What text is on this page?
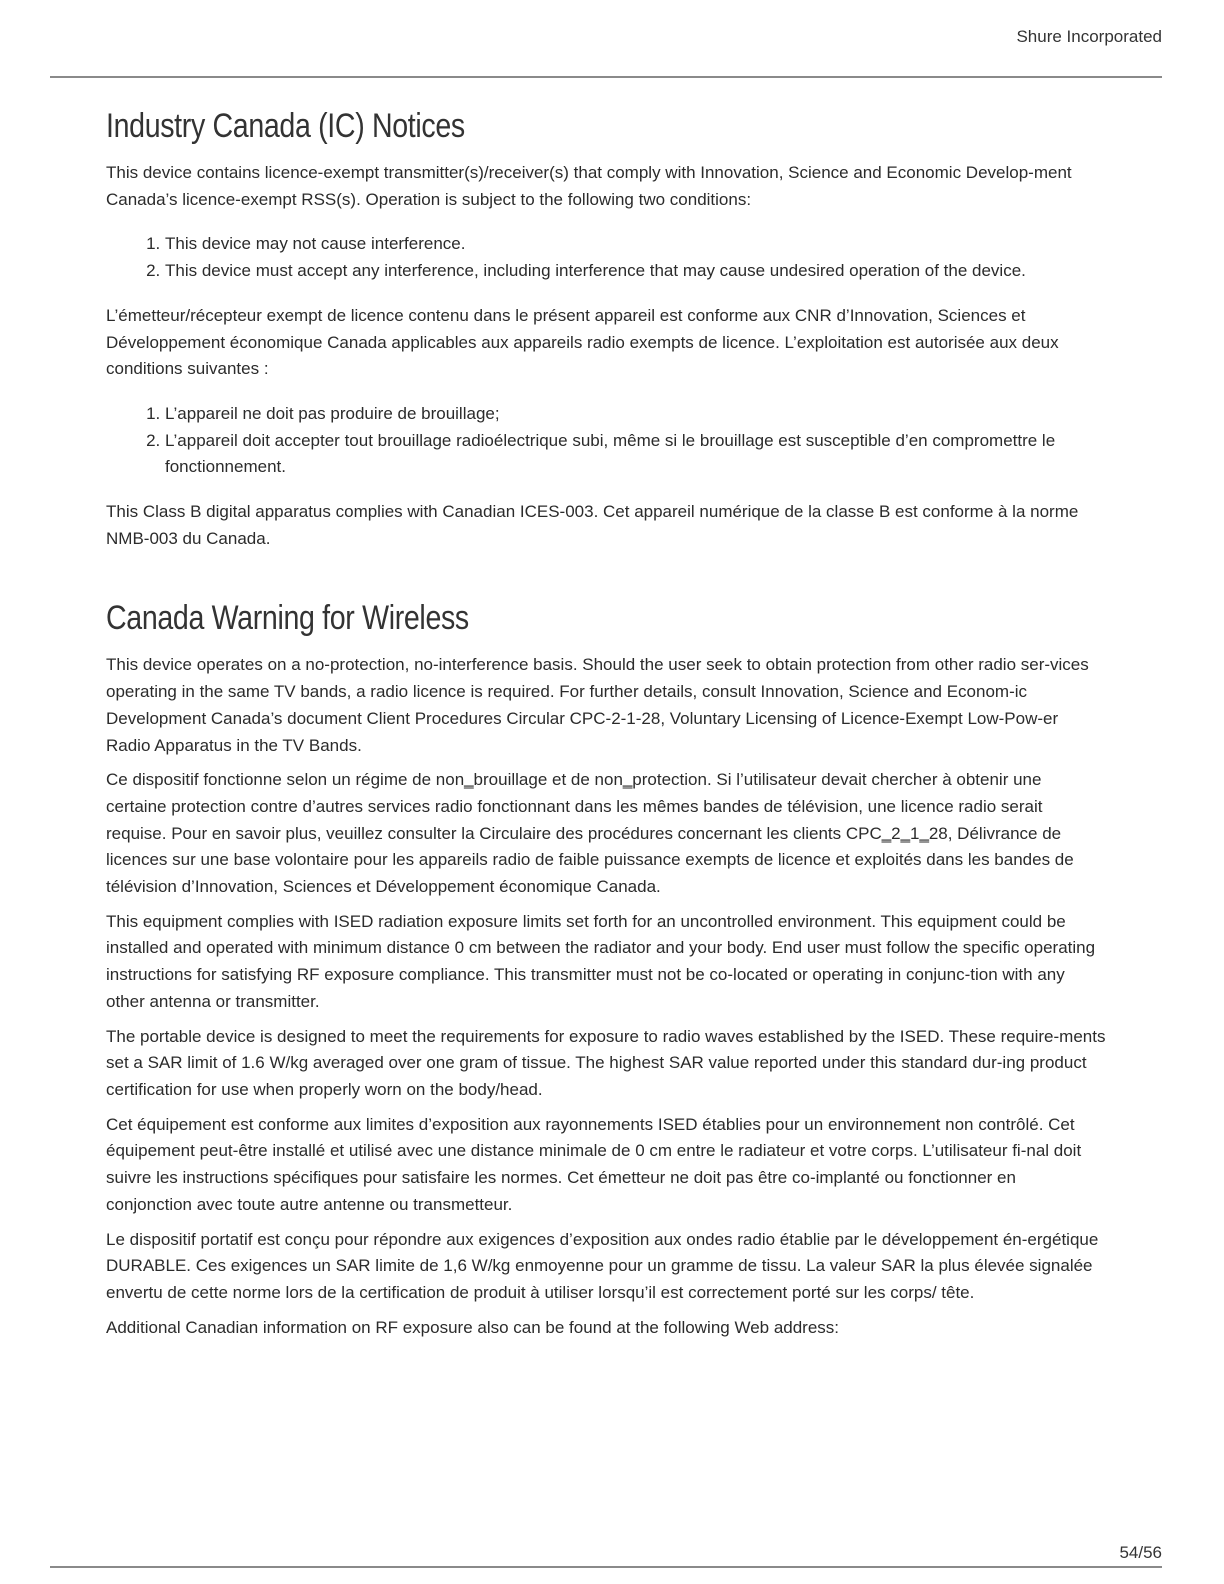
Shure Incorporated

Industry Canada (IC) Notices

This device contains licence-exempt transmitter(s)/receiver(s) that comply with Innovation, Science and Economic Develop-ment Canada’s licence-exempt RSS(s). Operation is subject to the following two conditions:

1. This device may not cause interference.
2. This device must accept any interference, including interference that may cause undesired operation of the device.

L’émetteur/récepteur exempt de licence contenu dans le présent appareil est conforme aux CNR d’Innovation, Sciences et Développement économique Canada applicables aux appareils radio exempts de licence. L’exploitation est autorisée aux deux conditions suivantes :

1. L’appareil ne doit pas produire de brouillage;
2. L’appareil doit accepter tout brouillage radioélectrique subi, même si le brouillage est susceptible d’en compromettre le fonctionnement.

This Class B digital apparatus complies with Canadian ICES-003. Cet appareil numérique de la classe B est conforme à la norme NMB-003 du Canada.

Canada Warning for Wireless

This device operates on a no-protection, no-interference basis. Should the user seek to obtain protection from other radio ser-vices operating in the same TV bands, a radio licence is required. For further details, consult Innovation, Science and Econom-ic Development Canada’s document Client Procedures Circular CPC-2-1-28, Voluntary Licensing of Licence-Exempt Low-Pow-er Radio Apparatus in the TV Bands.

Ce dispositif fonctionne selon un régime de non‗brouillage et de non‗protection. Si l’utilisateur devait chercher à obtenir une certaine protection contre d’autres services radio fonctionnant dans les mêmes bandes de télévision, une licence radio serait requise. Pour en savoir plus, veuillez consulter la Circulaire des procédures concernant les clients CPC‗2‗1‗28, Délivrance de licences sur une base volontaire pour les appareils radio de faible puissance exempts de licence et exploités dans les bandes de télévision d’Innovation, Sciences et Développement économique Canada.

This equipment complies with ISED radiation exposure limits set forth for an uncontrolled environment. This equipment could be installed and operated with minimum distance 0 cm between the radiator and your body. End user must follow the specific operating instructions for satisfying RF exposure compliance. This transmitter must not be co-located or operating in conjunc-tion with any other antenna or transmitter.

The portable device is designed to meet the requirements for exposure to radio waves established by the ISED. These require-ments set a SAR limit of 1.6 W/kg averaged over one gram of tissue. The highest SAR value reported under this standard dur-ing product certification for use when properly worn on the body/head.

Cet équipement est conforme aux limites d’exposition aux rayonnements ISED établies pour un environnement non contrôlé. Cet équipement peut-être installé et utilisé avec une distance minimale de 0 cm entre le radiateur et votre corps. L’utilisateur fi-nal doit suivre les instructions spécifiques pour satisfaire les normes. Cet émetteur ne doit pas être co-implanté ou fonctionner en conjonction avec toute autre antenne ou transmetteur.

Le dispositif portatif est conçu pour répondre aux exigences d’exposition aux ondes radio établie par le développement én-ergétique DURABLE. Ces exigences un SAR limite de 1,6 W/kg enmoyenne pour un gramme de tissu. La valeur SAR la plus élevée signalée envertu de cette norme lors de la certification de produit à utiliser lorsqu’il est correctement porté sur les corps/ tête.

Additional Canadian information on RF exposure also can be found at the following Web address:

54/56
